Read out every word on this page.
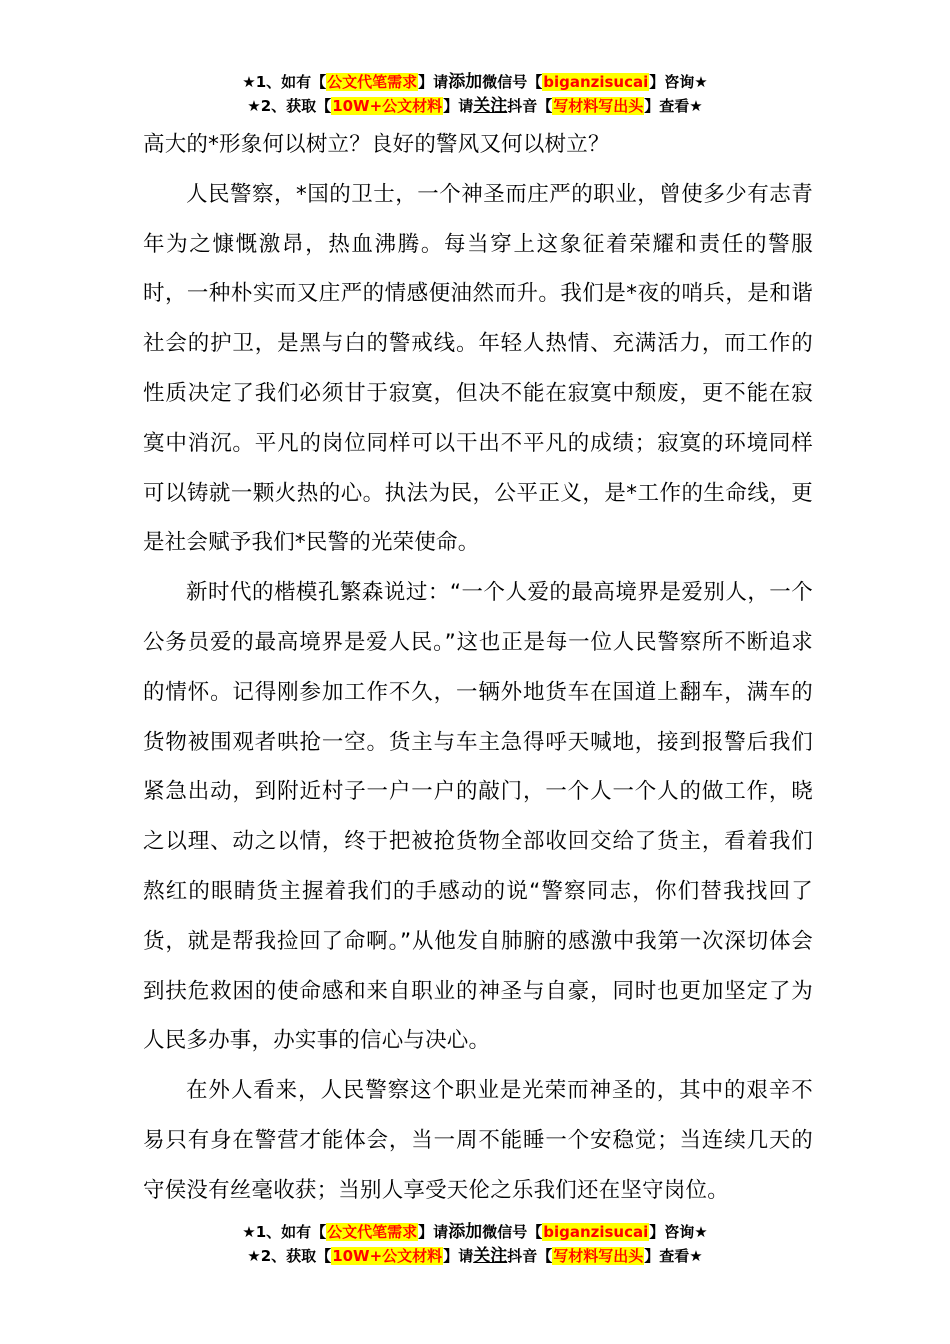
★1、如有【公文代笔需求】请添加微信号【biganzisucai】咨询★
★2、获取【10W+公文材料】请关注抖音【写材料写出头】查看★

高大的*形象何以树立？良好的警风又何以树立？

人民警察，*国的卫士，一个神圣而庄严的职业，曾使多少有志青年为之慷慨激昂，热血沸腾。每当穿上这象征着荣耀和责任的警服时，一种朴实而又庄严的情感便油然而升。我们是*夜的哨兵，是和谐社会的护卫，是黑与白的警戒线。年轻人热情、充满活力，而工作的性质决定了我们必须甘于寂寞，但决不能在寂寞中颓废，更不能在寂寞中消沉。平凡的岗位同样可以干出不平凡的成绩；寂寞的环境同样可以铸就一颗火热的心。执法为民，公平正义，是*工作的生命线，更是社会赋予我们*民警的光荣使命。

新时代的楷模孔繁森说过：“一个人爱的最高境界是爱别人，一个公务员爱的最高境界是爱人民。”这也正是每一位人民警察所不断追求的情怀。记得刚参加工作不久，一辆外地货车在国道上翻车，满车的货物被围观者哄抢一空。货主与车主急得呼天喊地，接到报警后我们紧急出动，到附近村子一户一户的敲门，一个人一个人的做工作，晓之以理、动之以情，终于把被抢货物全部收回交给了货主，看着我们熬红的眼睛货主握着我们的手感动的说“警察同志，你们替我找回了货，就是帮我捡回了命啊。”从他发自肺腑的感激中我第一次深切体会到扶危救困的使命感和来自职业的神圣与自豪，同时也更加坚定了为人民多办事，办实事的信心与决心。

在外人看来，人民警察这个职业是光荣而神圣的，其中的艰辛不易只有身在警营才能体会，当一周不能睡一个安稳觉；当连续几天的守侯没有丝毫收获；当别人享受天伦之乐我们还在坚守岗位。

★1、如有【公文代笔需求】请添加微信号【biganzisucai】咨询★
★2、获取【10W+公文材料】请关注抖音【写材料写出头】查看★
